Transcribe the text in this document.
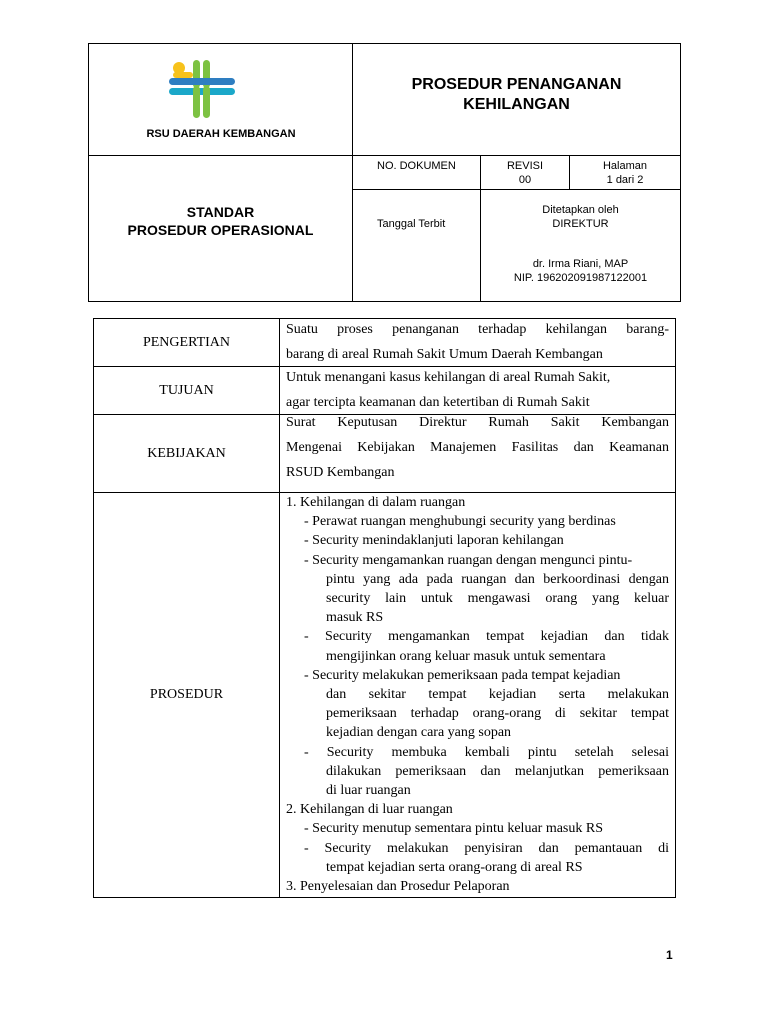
RSU DAERAH KEMBANGAN
PROSEDUR PENANGANAN
KEHILANGAN
STANDAR
PROSEDUR OPERASIONAL
NO. DOKUMEN	REVISI
00
Halaman
1 dari 2
Tanggal Terbit
Ditetapkan oleh
DIREKTUR
dr. Irma Riani, MAP
NIP. 196202091987122001
PENGERTIAN

Suatu proses penanganan terhadap kehilangan barang-

barang di areal Rumah Sakit Umum Daerah Kembangan

TUJUAN

Untuk menangani kasus kehilangan di areal Rumah Sakit,

agar tercipta keamanan dan ketertiban di Rumah Sakit

KEBIJAKAN

Surat Keputusan Direktur Rumah Sakit Kembangan

Mengenai Kebijakan Manajemen Fasilitas dan Keamanan

RSUD Kembangan

PROSEDUR
1. Kehilangan di dalam ruangan
- Perawat ruangan menghubungi security yang berdinas
- Security menindaklanjuti laporan kehilangan
- Security mengamankan ruangan dengan mengunci pintu-
pintu yang ada pada ruangan dan berkoordinasi dengan
security lain untuk mengawasi orang yang keluar
masuk RS
- Security mengamankan tempat kejadian dan tidak
mengijinkan orang keluar masuk untuk sementara
- Security melakukan pemeriksaan pada tempat kejadian
dan sekitar tempat kejadian serta melakukan
pemeriksaan terhadap orang-orang di sekitar tempat
kejadian dengan cara yang sopan
- Security membuka kembali pintu setelah selesai
dilakukan pemeriksaan dan melanjutkan pemeriksaan
di luar ruangan
2. Kehilangan di luar ruangan
- Security menutup sementara pintu keluar masuk RS
- Security melakukan penyisiran dan pemantauan di
tempat kejadian serta orang-orang di areal RS
3. Penyelesaian dan Prosedur Pelaporan
1
